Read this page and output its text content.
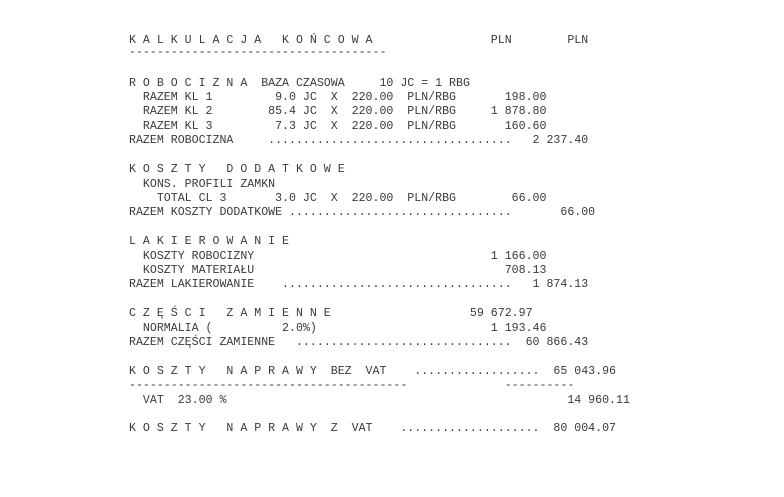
K A L K U L A C J A   K O Ń C O W A                 PLN        PLN

-------------------------------------

R O B O C I Z N A  BAZA CZASOWA     10 JC = 1 RBG

RAZEM KL 1         9.0 JC  X  220.00  PLN/RBG       198.00

RAZEM KL 2        85.4 JC  X  220.00  PLN/RBG     1 878.80

RAZEM KL 3         7.3 JC  X  220.00  PLN/RBG       160.60

RAZEM ROBOCIZNA     ...................................   2 237.40

K O S Z T Y   D O D A T K O W E

KONS. PROFILI ZAMKN

TOTAL CL 3       3.0 JC  X  220.00  PLN/RBG        66.00

RAZEM KOSZTY DODATKOWE ................................       66.00

L A K I E R O W A N I E

KOSZTY ROBOCIZNY                                  1 166.00

KOSZTY MATERIAŁU                                    708.13

RAZEM LAKIEROWANIE    .................................   1 874.13

C Z Ę Ś C I   Z A M I E N N E                    59 672.97

NORMALIA (          2.0%)                         1 193.46

RAZEM CZĘŚCI ZAMIENNE   ...............................  60 866.43

K O S Z T Y   N A P R A W Y  BEZ  VAT    ..................  65 043.96

----------------------------------------              ----------

VAT  23.00 %                                                 14 960.11

K O S Z T Y   N A P R A W Y  Z  VAT    ....................  80 004.07
